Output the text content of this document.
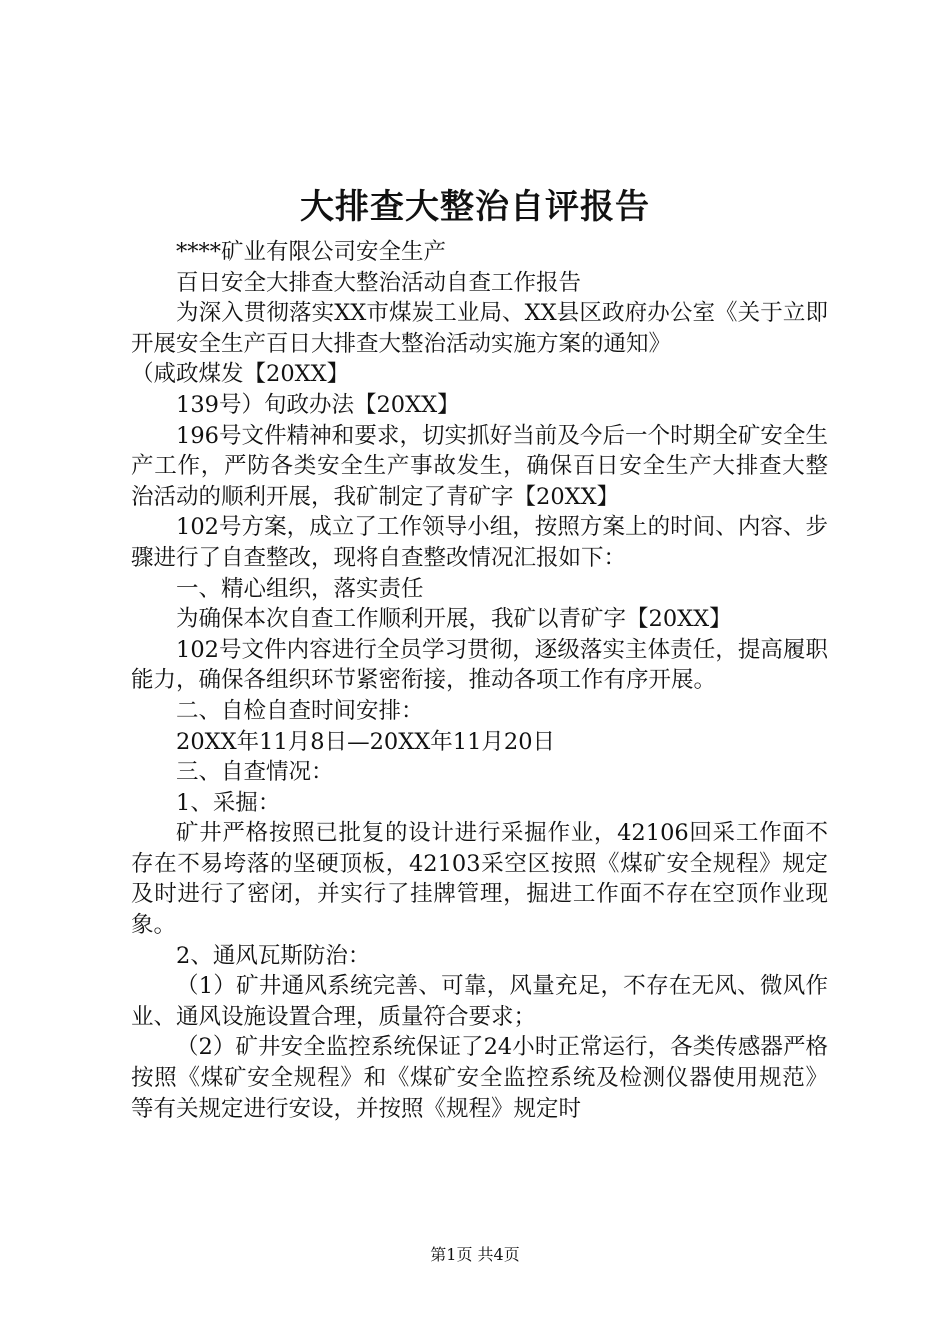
大排查大整治自评报告

****矿业有限公司安全生产

百日安全大排查大整治活动自查工作报告

为深入贯彻落实XX市煤炭工业局、XX县区政府办公室《关于立即开展安全生产百日大排查大整治活动实施方案的通知》

（咸政煤发【20XX】

139号）旬政办法【20XX】

196号文件精神和要求，切实抓好当前及今后一个时期全矿安全生产工作，严防各类安全生产事故发生，确保百日安全生产大排查大整治活动的顺利开展，我矿制定了青矿字【20XX】

102号方案，成立了工作领导小组，按照方案上的时间、内容、步骤进行了自查整改，现将自查整改情况汇报如下：

一、精心组织，落实责任

为确保本次自查工作顺利开展，我矿以青矿字【20XX】

102号文件内容进行全员学习贯彻，逐级落实主体责任，提高履职能力，确保各组织环节紧密衔接，推动各项工作有序开展。

二、自检自查时间安排：

20XX年11月8日—20XX年11月20日

三、自查情况：

1、采掘：

矿井严格按照已批复的设计进行采掘作业，42106回采工作面不存在不易垮落的坚硬顶板，42103采空区按照《煤矿安全规程》规定及时进行了密闭，并实行了挂牌管理，掘进工作面不存在空顶作业现象。

2、通风瓦斯防治：

（1）矿井通风系统完善、可靠，风量充足，不存在无风、微风作业、通风设施设置合理，质量符合要求；

（2）矿井安全监控系统保证了24小时正常运行，各类传感器严格按照《煤矿安全规程》和《煤矿安全监控系统及检测仪器使用规范》等有关规定进行安设，并按照《规程》规定时

第1页 共4页
